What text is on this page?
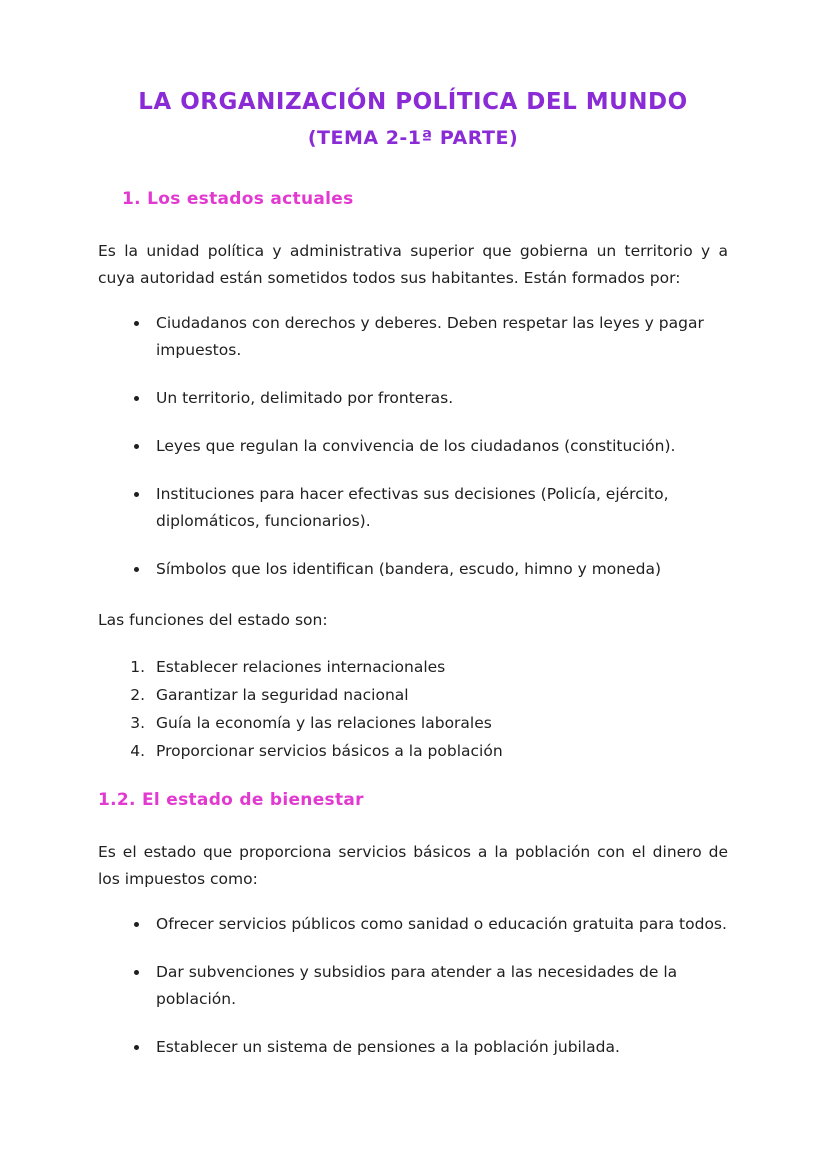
LA ORGANIZACIÓN POLÍTICA DEL MUNDO
(TEMA 2-1ª PARTE)
1. Los estados actuales

Es la unidad política y administrativa superior que gobierna un territorio y a cuya autoridad están sometidos todos sus habitantes. Están formados por:

• Ciudadanos con derechos y deberes. Deben respetar las leyes y pagar impuestos.
• Un territorio, delimitado por fronteras.
• Leyes que regulan la convivencia de los ciudadanos (constitución).
• Instituciones para hacer efectivas sus decisiones (Policía, ejército, diplomáticos, funcionarios).
• Símbolos que los identifican (bandera, escudo, himno y moneda)

Las funciones del estado son:

1. Establecer relaciones internacionales
2. Garantizar la seguridad nacional
3. Guía la economía y las relaciones laborales
4. Proporcionar servicios básicos a la población
1.2. El estado de bienestar

Es el estado que proporciona servicios básicos a la población con el dinero de los impuestos como:

• Ofrecer servicios públicos como sanidad o educación gratuita para todos.
• Dar subvenciones y subsidios para atender a las necesidades de la población.
• Establecer un sistema de pensiones a la población jubilada.
